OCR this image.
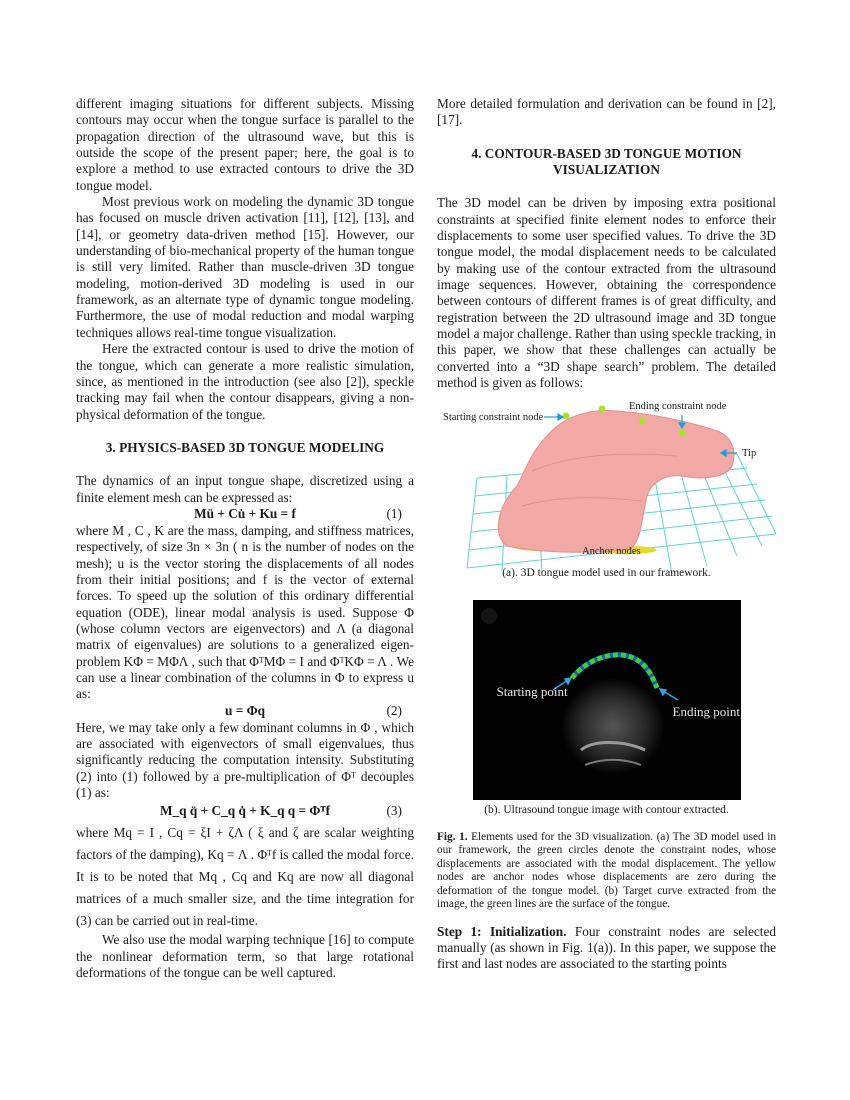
different imaging situations for different subjects. Missing contours may occur when the tongue surface is parallel to the propagation direction of the ultrasound wave, but this is outside the scope of the present paper; here, the goal is to explore a method to use extracted contours to drive the 3D tongue model.

Most previous work on modeling the dynamic 3D tongue has focused on muscle driven activation [11], [12], [13], and [14], or geometry data-driven method [15]. However, our understanding of bio-mechanical property of the human tongue is still very limited. Rather than muscle-driven 3D tongue modeling, motion-derived 3D modeling is used in our framework, as an alternate type of dynamic tongue modeling. Furthermore, the use of modal reduction and modal warping techniques allows real-time tongue visualization.

Here the extracted contour is used to drive the motion of the tongue, which can generate a more realistic simulation, since, as mentioned in the introduction (see also [2]), speckle tracking may fail when the contour disappears, giving a non-physical deformation of the tongue.

3. PHYSICS-BASED 3D TONGUE MODELING

The dynamics of an input tongue shape, discretized using a finite element mesh can be expressed as:

Mü + Cu̇ + Ku = f	(1)

where M , C , K are the mass, damping, and stiffness matrices, respectively, of size 3n × 3n ( n is the number of nodes on the mesh); u is the vector storing the displacements of all nodes from their initial positions; and f is the vector of external forces. To speed up the solution of this ordinary differential equation (ODE), linear modal analysis is used. Suppose Φ (whose column vectors are eigenvectors) and Λ (a diagonal matrix of eigenvalues) are solutions to a generalized eigen-problem KΦ = MΦΛ , such that ΦᵀMΦ = I and ΦᵀKΦ = Λ . We can use a linear combination of the columns in Φ to express u as:

u = Φq	(2)

Here, we may take only a few dominant columns in Φ , which are associated with eigenvectors of small eigenvalues, thus significantly reducing the computation intensity. Substituting (2) into (1) followed by a pre-multiplication of Φᵀ decouples (1) as:

M_q q̈ + C_q q̇ + K_q q = Φᵀf	(3)

where Mq = I , Cq = ξI + ζΛ ( ξ and ζ are scalar weighting factors of the damping), Kq = Λ . Φᵀf is called the modal force. It is to be noted that Mq , Cq and Kq are now all diagonal matrices of a much smaller size, and the time integration for (3) can be carried out in real-time.

We also use the modal warping technique [16] to compute the nonlinear deformation term, so that large rotational deformations of the tongue can be well captured.

More detailed formulation and derivation can be found in [2], [17].

4. CONTOUR-BASED 3D TONGUE MOTION

VISUALIZATION

The 3D model can be driven by imposing extra positional constraints at specified finite element nodes to enforce their displacements to some user specified values. To drive the 3D tongue model, the modal displacement needs to be calculated by making use of the contour extracted from the ultrasound image sequences. However, obtaining the correspondence between contours of different frames is of great difficulty, and registration between the 2D ultrasound image and 3D tongue model a major challenge. Rather than using speckle tracking, in this paper, we show that these challenges can actually be converted into a “3D shape search” problem. The detailed method is given as follows:

Starting constraint node
Ending constraint node
Tip
Anchor nodes
(a). 3D tongue model used in our framework.
Starting point
Ending point
(b). Ultrasound tongue image with contour extracted.

Fig. 1. Elements used for the 3D visualization. (a) The 3D model used in our framework, the green circles denote the constraint nodes, whose displacements are associated with the modal displacement. The yellow nodes are anchor nodes whose displacements are zero during the deformation of the tongue model. (b) Target curve extracted from the image, the green lines are the surface of the tongue.

Step 1: Initialization. Four constraint nodes are selected manually (as shown in Fig. 1(a)). In this paper, we suppose the first and last nodes are associated to the starting points
